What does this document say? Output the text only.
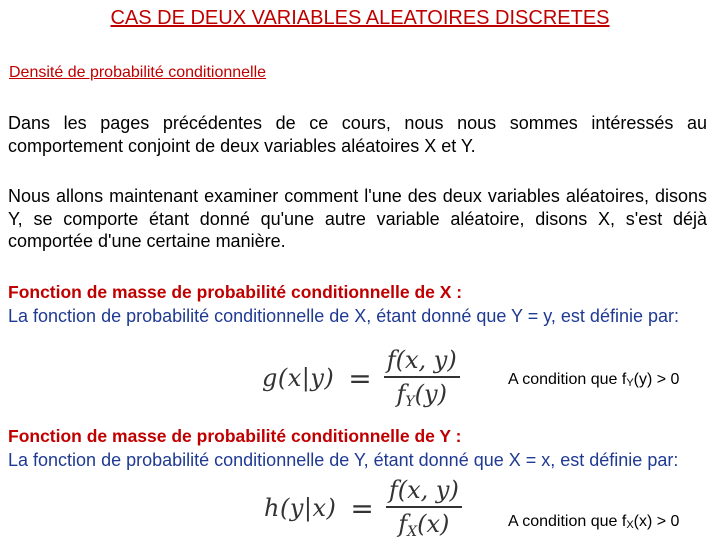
CAS DE DEUX VARIABLES ALEATOIRES DISCRETES
Densité de probabilité conditionnelle

Dans les pages précédentes de ce cours, nous nous sommes intéressés au comportement conjoint de deux variables aléatoires X et Y.

Nous allons maintenant examiner comment l'une des deux variables aléatoires, disons Y, se comporte étant donné qu'une autre variable aléatoire, disons X, s'est déjà comportée d'une certaine manière.

Fonction de masse de probabilité conditionnelle de X :

La fonction de probabilité conditionnelle de X, étant donné que Y = y, est définie par:

$g(x|y) = \frac{f(x, y)}{f_Y(y)}$	A condition que $f_Y(y) > 0$
Fonction de masse de probabilité conditionnelle de Y :

La fonction de probabilité conditionnelle de Y, étant donné que X = x, est définie par:

$h(y|x) = \frac{f(x, y)}{f_X(x)}$	A condition que $f_X(x) > 0$
